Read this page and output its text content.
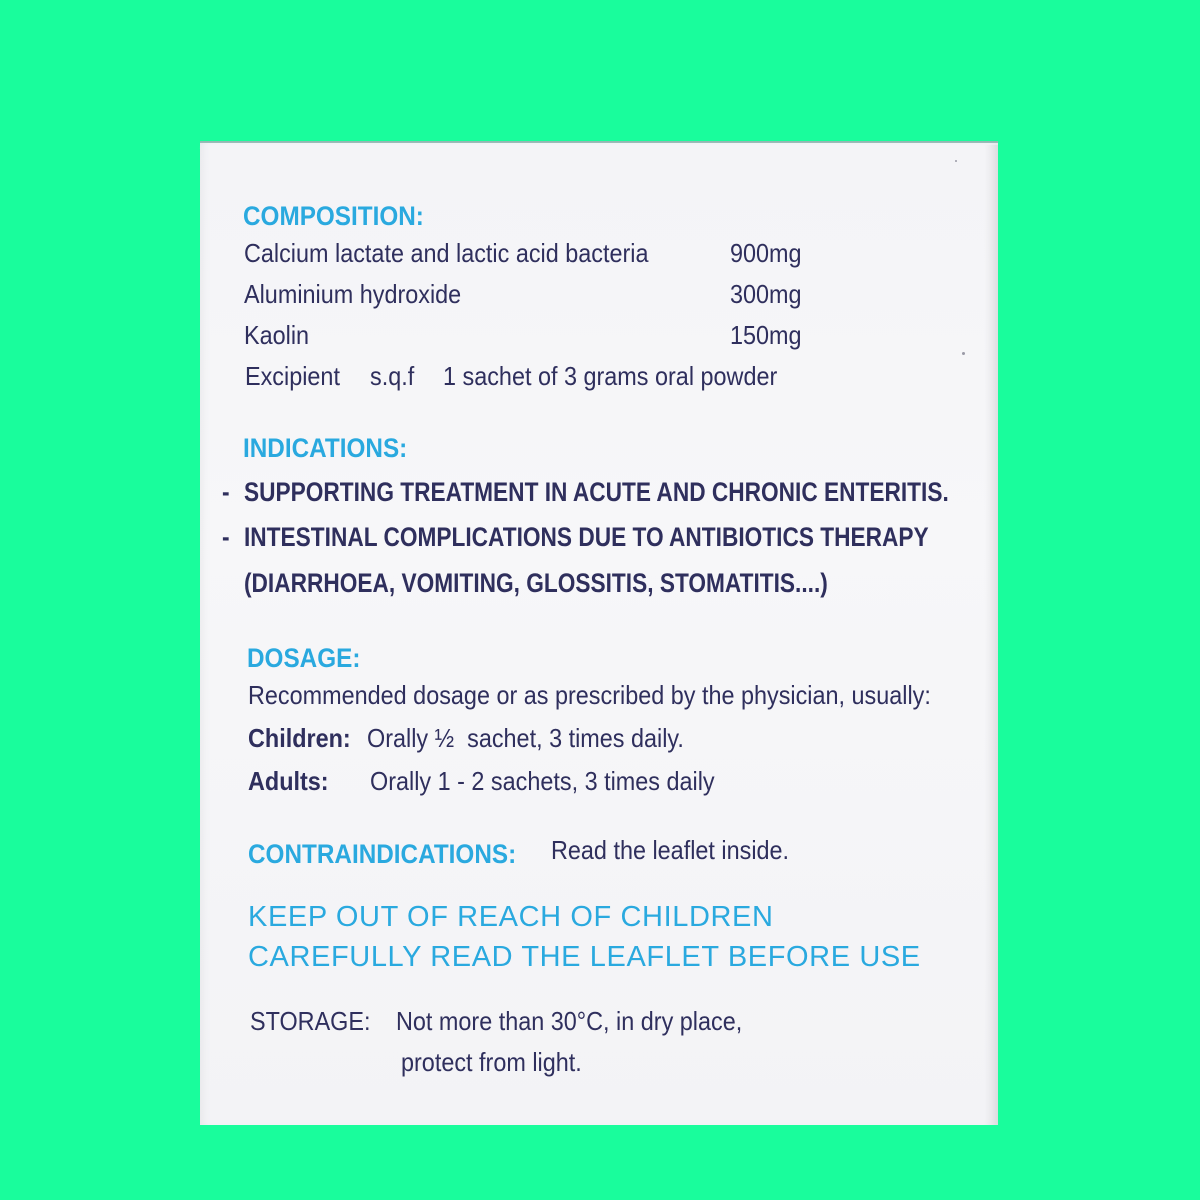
COMPOSITION:
Calcium lactate and lactic acid bacteria	900mg
Aluminium hydroxide	300mg
Kaolin	150mg
Excipient s.q.f 1 sachet of 3 grams oral powder
INDICATIONS:
- SUPPORTING TREATMENT IN ACUTE AND CHRONIC ENTERITIS.
- INTESTINAL COMPLICATIONS DUE TO ANTIBIOTICS THERAPY
(DIARRHOEA, VOMITING, GLOSSITIS, STOMATITIS....)
DOSAGE:
Recommended dosage or as prescribed by the physician, usually:
Children: Orally ½  sachet, 3 times daily.
Adults: Orally 1 - 2 sachets, 3 times daily
CONTRAINDICATIONS: Read the leaflet inside.
KEEP OUT OF REACH OF CHILDREN
CAREFULLY READ THE LEAFLET BEFORE USE
STORAGE: Not more than 30°C, in dry place,
protect from light.
